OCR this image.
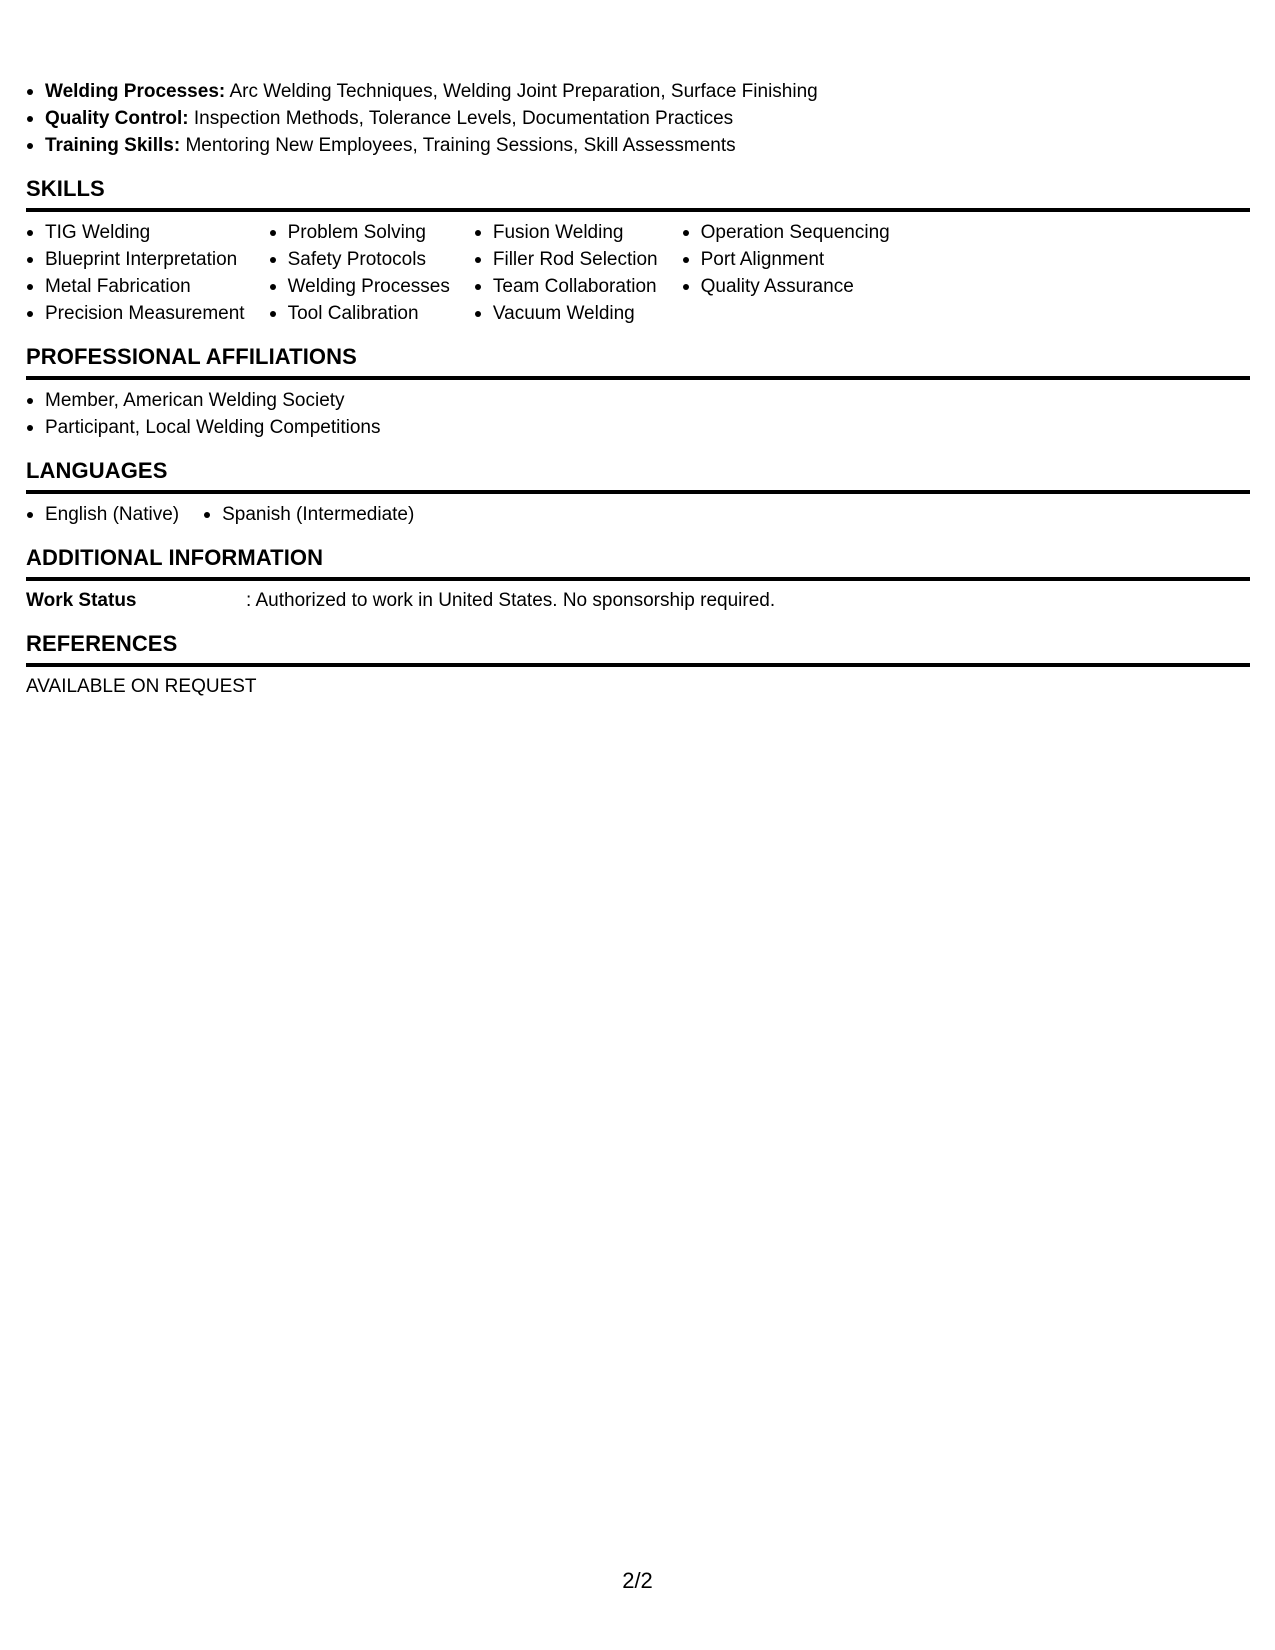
Welding Processes: Arc Welding Techniques, Welding Joint Preparation, Surface Finishing
Quality Control: Inspection Methods, Tolerance Levels, Documentation Practices
Training Skills: Mentoring New Employees, Training Sessions, Skill Assessments
SKILLS
TIG Welding
Blueprint Interpretation
Metal Fabrication
Precision Measurement
Problem Solving
Safety Protocols
Welding Processes
Tool Calibration
Fusion Welding
Filler Rod Selection
Team Collaboration
Vacuum Welding
Operation Sequencing
Port Alignment
Quality Assurance
PROFESSIONAL AFFILIATIONS
Member, American Welding Society
Participant, Local Welding Competitions
LANGUAGES
English (Native)	Spanish (Intermediate)
ADDITIONAL INFORMATION
Work Status	: Authorized to work in United States. No sponsorship required.
REFERENCES
AVAILABLE ON REQUEST
2/2
